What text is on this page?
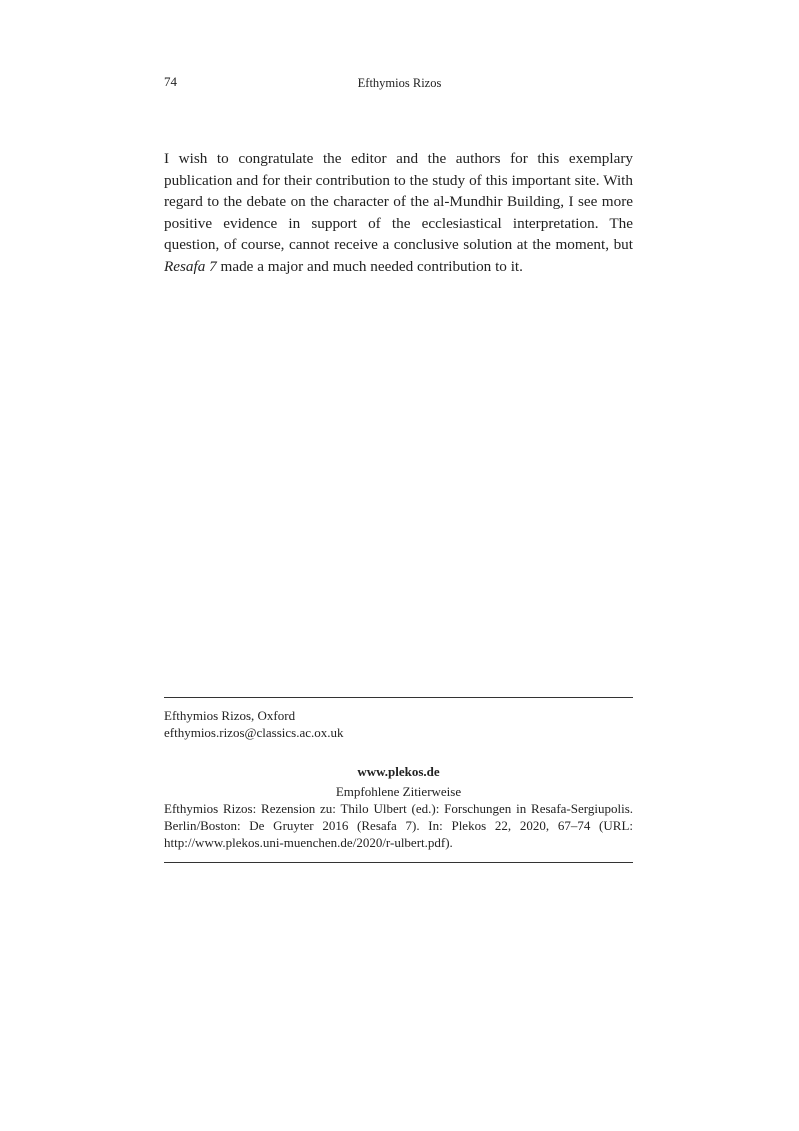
74	Efthymios Rizos

I wish to congratulate the editor and the authors for this exemplary publication and for their contribution to the study of this important site. With regard to the debate on the character of the al-Mundhir Building, I see more positive evidence in support of the ecclesiastical interpretation. The question, of course, cannot receive a conclusive solution at the moment, but Resafa 7 made a major and much needed contribution to it.

Efthymios Rizos, Oxford
efthymios.rizos@classics.ac.ox.uk
www.plekos.de
Empfohlene Zitierweise
Efthymios Rizos: Rezension zu: Thilo Ulbert (ed.): Forschungen in Resafa-Sergiupolis. Berlin/Boston: De Gruyter 2016 (Resafa 7). In: Plekos 22, 2020, 67–74 (URL: http://www.plekos.uni-muenchen.de/2020/r-ulbert.pdf).
